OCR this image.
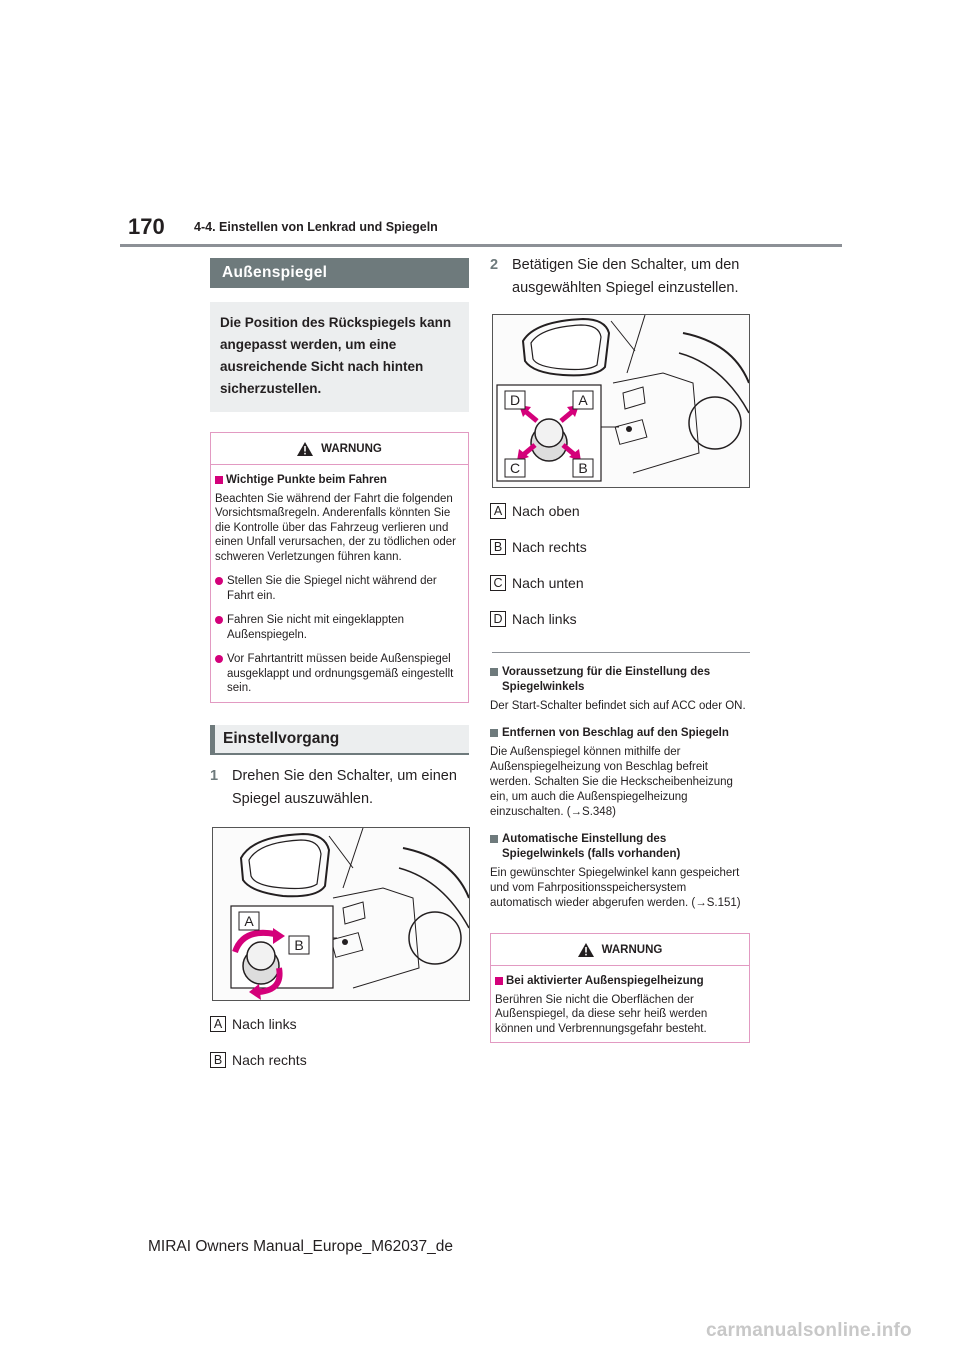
170 4-4. Einstellen von Lenkrad und Spiegeln
Außenspiegel
Die Position des Rückspiegels kann angepasst werden, um eine ausreichende Sicht nach hinten sicherzustellen.
WARNUNG
Wichtige Punkte beim Fahren
Beachten Sie während der Fahrt die folgenden Vorsichtsmaßregeln. Anderenfalls könnten Sie die Kontrolle über das Fahrzeug verlieren und einen Unfall verursachen, der zu tödlichen oder schweren Verletzungen führen kann.
Stellen Sie die Spiegel nicht während der Fahrt ein.
Fahren Sie nicht mit eingeklappten Außenspiegeln.
Vor Fahrtantritt müssen beide Außenspiegel ausgeklappt und ordnungsgemäß eingestellt sein.
Einstellvorgang
1 Drehen Sie den Schalter, um einen Spiegel auszuwählen.
A
B
A Nach links
B Nach rechts
2 Betätigen Sie den Schalter, um den ausgewählten Spiegel einzustellen.
D	A
C	B
A Nach oben
B Nach rechts
C Nach unten
D Nach links
Voraussetzung für die Einstellung des Spiegelwinkels
Der Start-Schalter befindet sich auf ACC oder ON.
Entfernen von Beschlag auf den Spiegeln
Die Außenspiegel können mithilfe der Außenspiegelheizung von Beschlag befreit werden. Schalten Sie die Heckscheibenheizung ein, um auch die Außenspiegelheizung einzuschalten. (→S.348)
Automatische Einstellung des Spiegelwinkels (falls vorhanden)
Ein gewünschter Spiegelwinkel kann gespeichert und vom Fahrpositionsspeichersystem automatisch wieder abgerufen werden. (→S.151)
WARNUNG
Bei aktivierter Außenspiegelheizung
Berühren Sie nicht die Oberflächen der Außenspiegel, da diese sehr heiß werden können und Verbrennungsgefahr besteht.
MIRAI Owners Manual_Europe_M62037_de
carmanualsonline.info
